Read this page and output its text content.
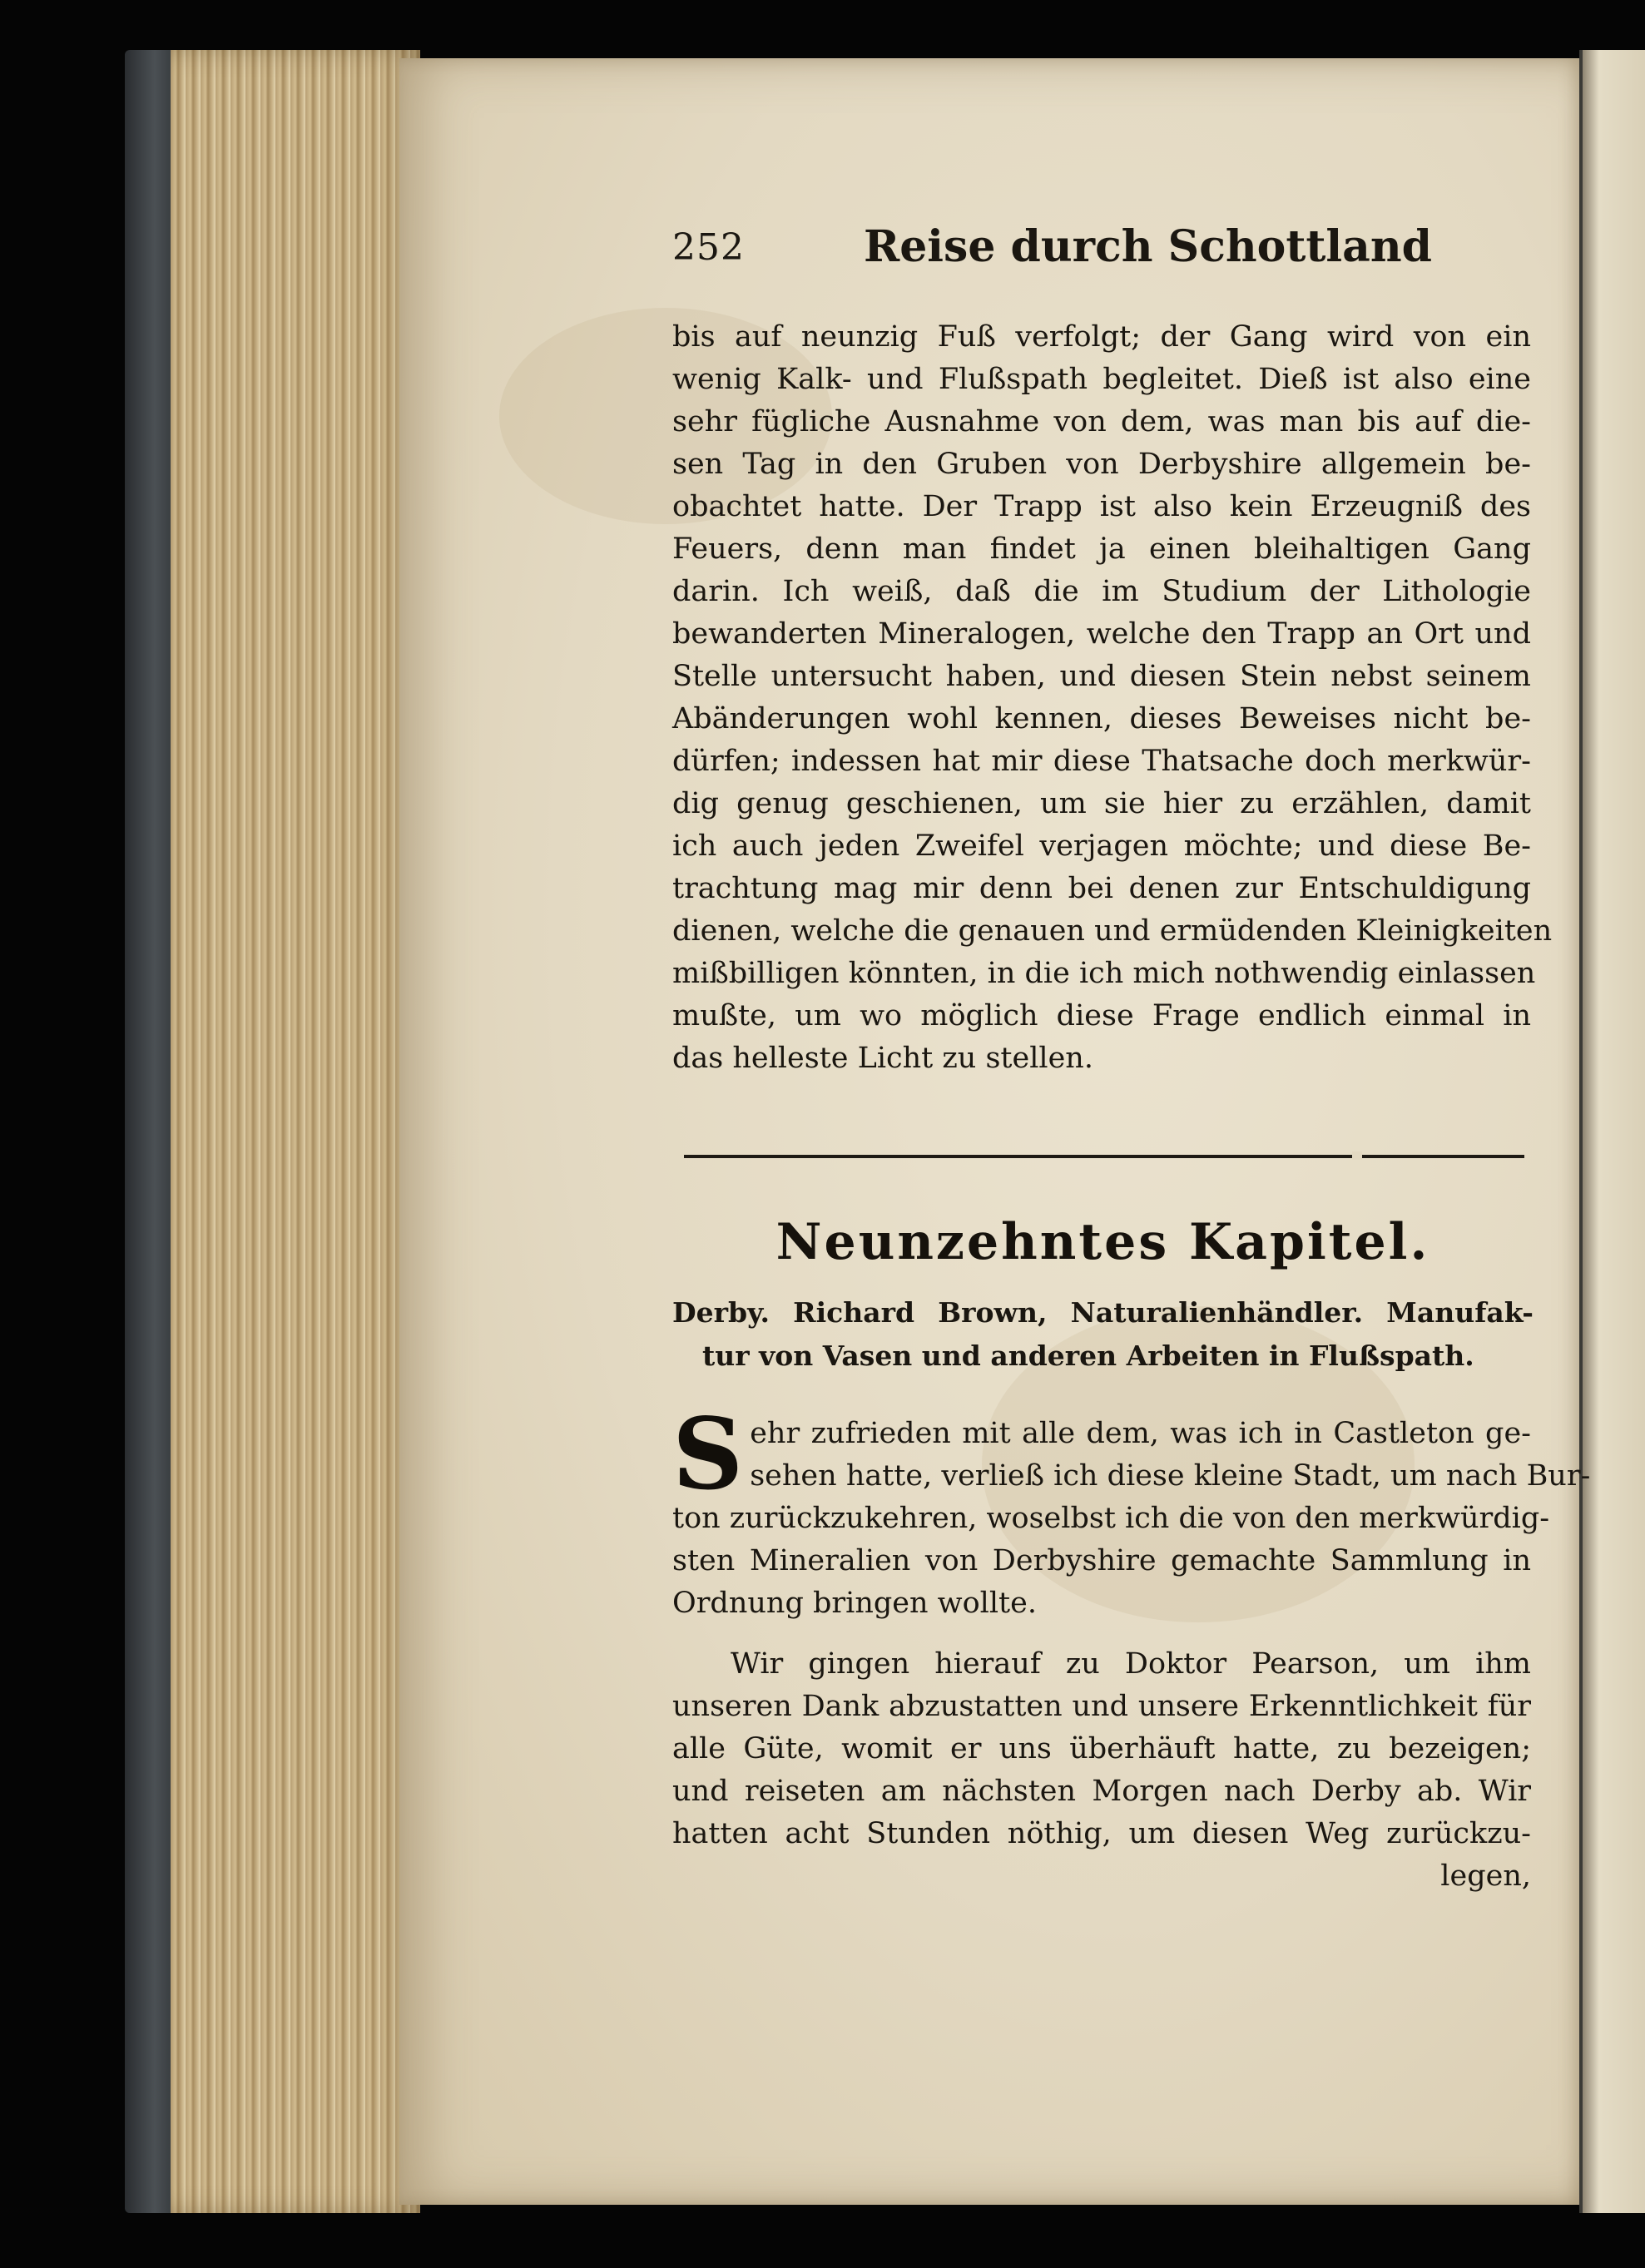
252	Reise durch Schottland
bis auf neunzig Fuß verfolgt; der Gang wird von ein
wenig Kalk- und Flußspath begleitet. Dieß ist also eine
sehr fügliche Ausnahme von dem, was man bis auf die-
sen Tag in den Gruben von Derbyshire allgemein be-
obachtet hatte. Der Trapp ist also kein Erzeugniß des
Feuers, denn man findet ja einen bleihaltigen Gang
darin. Ich weiß, daß die im Studium der Lithologie
bewanderten Mineralogen, welche den Trapp an Ort und
Stelle untersucht haben, und diesen Stein nebst seinem
Abänderungen wohl kennen, dieses Beweises nicht be-
dürfen; indessen hat mir diese Thatsache doch merkwür-
dig genug geschienen, um sie hier zu erzählen, damit
ich auch jeden Zweifel verjagen möchte; und diese Be-
trachtung mag mir denn bei denen zur Entschuldigung
dienen, welche die genauen und ermüdenden Kleinigkeiten
mißbilligen könnten, in die ich mich nothwendig einlassen
mußte, um wo möglich diese Frage endlich einmal in
das helleste Licht zu stellen.
Neunzehntes Kapitel.
Derby. Richard Brown, Naturalienhändler. Manufak-
tur von Vasen und anderen Arbeiten in Flußspath.
S ehr zufrieden mit alle dem, was ich in Castleton ge-
sehen hatte, verließ ich diese kleine Stadt, um nach Bur-
ton zurückzukehren, woselbst ich die von den merkwürdig-
sten Mineralien von Derbyshire gemachte Sammlung in
Ordnung bringen wollte.
Wir gingen hierauf zu Doktor Pearson, um ihm
unseren Dank abzustatten und unsere Erkenntlichkeit für
alle Güte, womit er uns überhäuft hatte, zu bezeigen;
und reiseten am nächsten Morgen nach Derby ab. Wir
hatten acht Stunden nöthig, um diesen Weg zurückzu-
legen,
